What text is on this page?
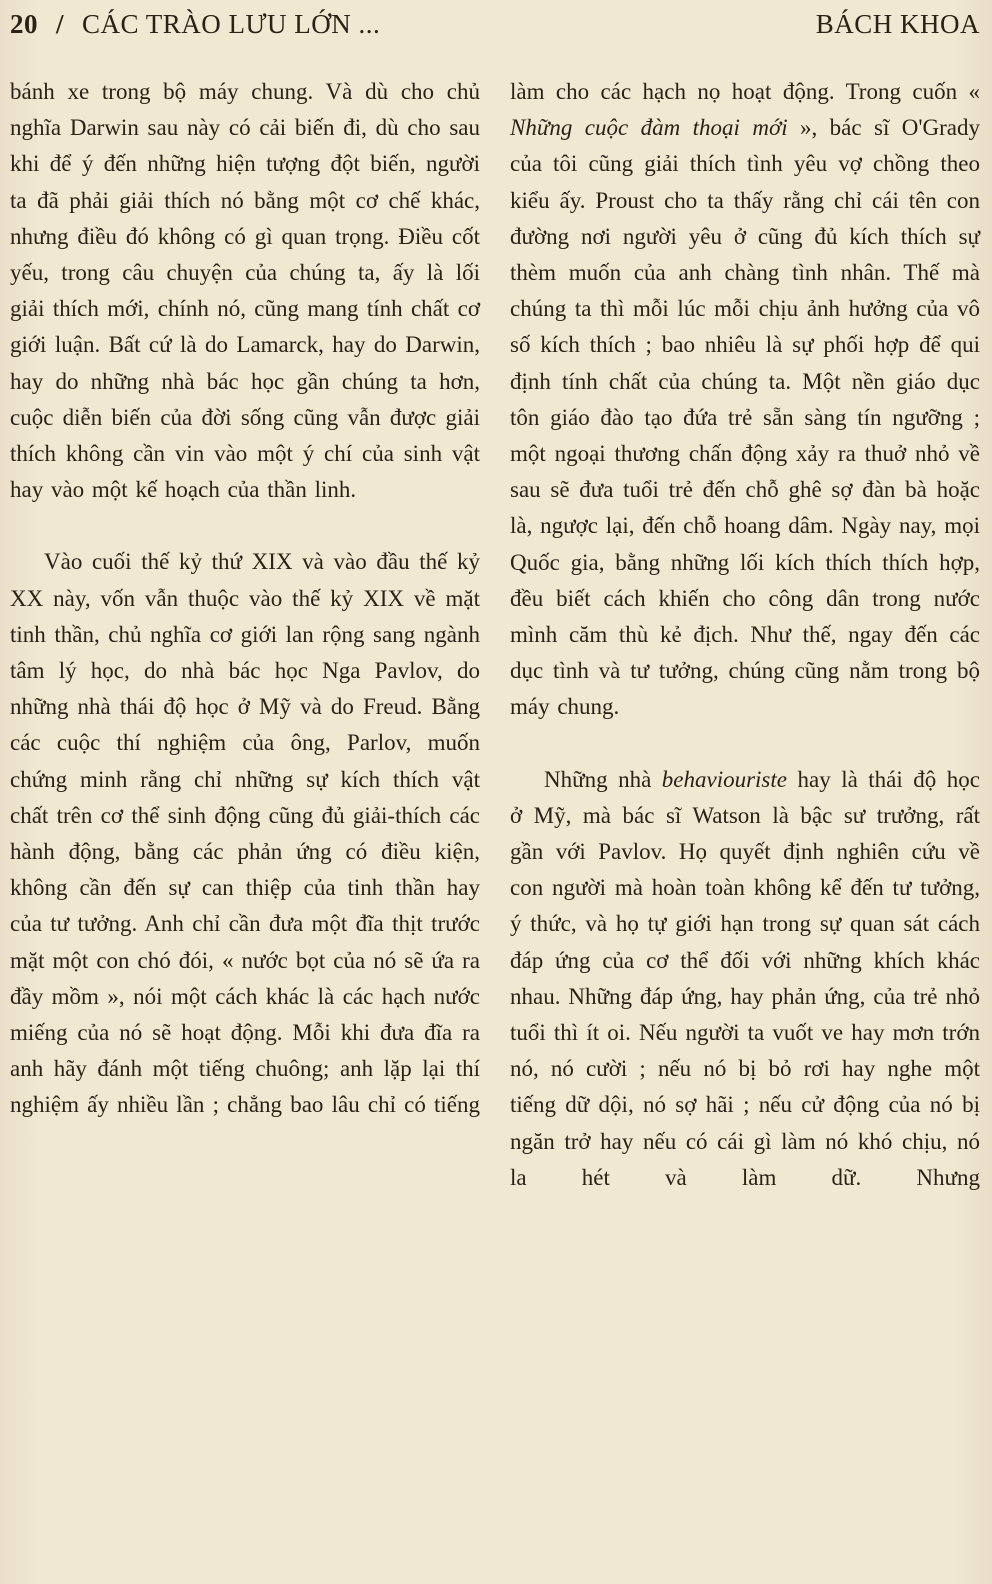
20 / CÁC TRÀO LƯU LỚN ...	BÁCH KHOA

bánh xe trong bộ máy chung. Và dù cho chủ nghĩa Darwin sau này có cải biến đi, dù cho sau khi để ý đến những hiện tượng đột biến, người ta đã phải giải thích nó bằng một cơ chế khác, nhưng điều đó không có gì quan trọng. Điều cốt yếu, trong câu chuyện của chúng ta, ấy là lối giải thích mới, chính nó, cũng mang tính chất cơ giới luận. Bất cứ là do Lamarck, hay do Darwin, hay do những nhà bác học gần chúng ta hơn, cuộc diễn biến của đời sống cũng vẫn được giải thích không cần vin vào một ý chí của sinh vật hay vào một kế hoạch của thần linh.

Vào cuối thế kỷ thứ XIX và vào đầu thế kỷ XX này, vốn vẫn thuộc vào thế kỷ XIX về mặt tinh thần, chủ nghĩa cơ giới lan rộng sang ngành tâm lý học, do nhà bác học Nga Pavlov, do những nhà thái độ học ở Mỹ và do Freud. Bằng các cuộc thí nghiệm của ông, Parlov, muốn chứng minh rằng chỉ những sự kích thích vật chất trên cơ thể sinh động cũng đủ giải-thích các hành động, bằng các phản ứng có điều kiện, không cần đến sự can thiệp của tinh thần hay của tư tưởng. Anh chỉ cần đưa một đĩa thịt trước mặt một con chó đói, « nước bọt của nó sẽ ứa ra đầy mồm », nói một cách khác là các hạch nước miếng của nó sẽ hoạt động. Mỗi khi đưa đĩa ra anh hãy đánh một tiếng chuông; anh lặp lại thí nghiệm ấy nhiều lần ; chẳng bao lâu chỉ có tiếng

làm cho các hạch nọ hoạt động. Trong cuốn « Những cuộc đàm thoại mới », bác sĩ O'Grady của tôi cũng giải thích tình yêu vợ chồng theo kiểu ấy. Proust cho ta thấy rằng chỉ cái tên con đường nơi người yêu ở cũng đủ kích thích sự thèm muốn của anh chàng tình nhân. Thế mà chúng ta thì mỗi lúc mỗi chịu ảnh hưởng của vô số kích thích ; bao nhiêu là sự phối hợp để qui định tính chất của chúng ta. Một nền giáo dục tôn giáo đào tạo đứa trẻ sẵn sàng tín ngưỡng ; một ngoại thương chấn động xảy ra thuở nhỏ về sau sẽ đưa tuổi trẻ đến chỗ ghê sợ đàn bà hoặc là, ngược lại, đến chỗ hoang dâm. Ngày nay, mọi Quốc gia, bằng những lối kích thích thích hợp, đều biết cách khiến cho công dân trong nước mình căm thù kẻ địch. Như thế, ngay đến các dục tình và tư tưởng, chúng cũng nằm trong bộ máy chung.

Những nhà behaviouriste hay là thái độ học ở Mỹ, mà bác sĩ Watson là bậc sư trưởng, rất gần với Pavlov. Họ quyết định nghiên cứu về con người mà hoàn toàn không kể đến tư tưởng, ý thức, và họ tự giới hạn trong sự quan sát cách đáp ứng của cơ thể đối với những khích khác nhau. Những đáp ứng, hay phản ứng, của trẻ nhỏ tuổi thì ít oi. Nếu người ta vuốt ve hay mơn trớn nó, nó cười ; nếu nó bị bỏ rơi hay nghe một tiếng dữ dội, nó sợ hãi ; nếu cử động của nó bị ngăn trở hay nếu có cái gì làm nó khó chịu, nó la hét và làm dữ. Nhưng
